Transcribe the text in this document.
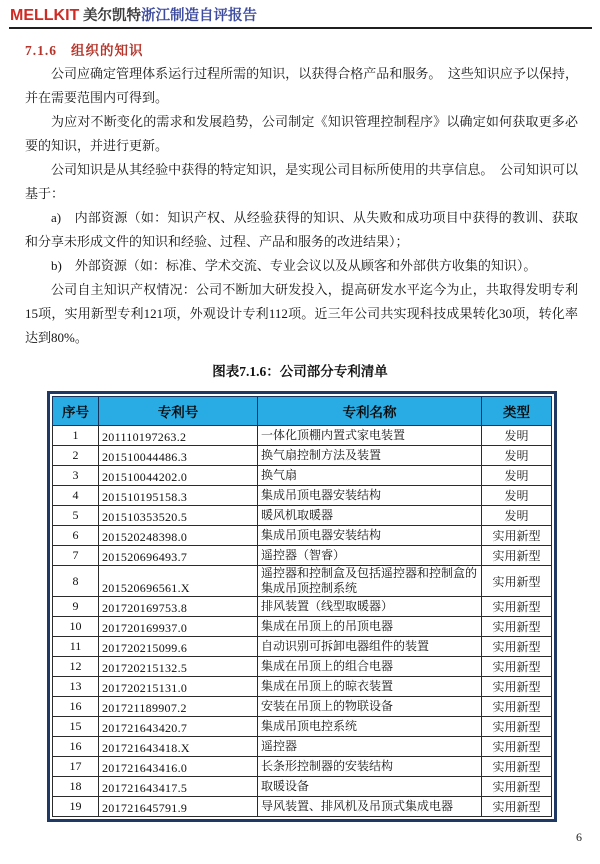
MELLKIT 美尔凯特浙江制造自评报告
7.1.6 组织的知识

公司应确定管理体系运行过程所需的知识，以获得合格产品和服务。　这些知识应予以保持，并在需要范围内可得到。

为应对不断变化的需求和发展趋势，公司制定《知识管理控制程序》以确定如何获取更多必要的知识，并进行更新。

公司知识是从其经验中获得的特定知识，是实现公司目标所使用的共享信息。　公司知识可以基于：

a)　内部资源（如：知识产权、从经验获得的知识、从失败和成功项目中获得的教训、获取和分享未形成文件的知识和经验、过程、产品和服务的改进结果）；

b)　外部资源（如：标准、学术交流、专业会议以及从顾客和外部供方收集的知识）。

公司自主知识产权情况：公司不断加大研发投入，提高研发水平迄今为止，共取得发明专利15项，实用新型专利121项，外观设计专利112项。近三年公司共实现科技成果转化30项，转化率达到80%。

图表7.1.6：公司部分专利清单

序号	专利号	专利名称	类型
1	201110197263.2	一体化顶棚内置式家电装置	发明
2	201510044486.3	换气扇控制方法及装置	发明
3	201510044202.0	换气扇	发明
4	201510195158.3	集成吊顶电器安装结构	发明
5	201510353520.5	暖风机取暖器	发明
6	201520248398.0	集成吊顶电器安装结构	实用新型
7	201520696493.7	遥控器（智睿）	实用新型
8	201520696561.X	遥控器和控制盒及包括遥控器和控制盒的集成吊顶控制系统	实用新型
9	201720169753.8	排风装置（线型取暖器）	实用新型
10	201720169937.0	集成在吊顶上的吊顶电器	实用新型
11	201720215099.6	自动识别可拆卸电器组件的装置	实用新型
12	201720215132.5	集成在吊顶上的组合电器	实用新型
13	201720215131.0	集成在吊顶上的晾衣装置	实用新型
16	201721189907.2	安装在吊顶上的物联设备	实用新型
15	201721643420.7	集成吊顶电控系统	实用新型
16	201721643418.X	遥控器	实用新型
17	201721643416.0	长条形控制器的安装结构	实用新型
18	201721643417.5	取暖设备	实用新型
19	201721645791.9	导风装置、排风机及吊顶式集成电器	实用新型
6
